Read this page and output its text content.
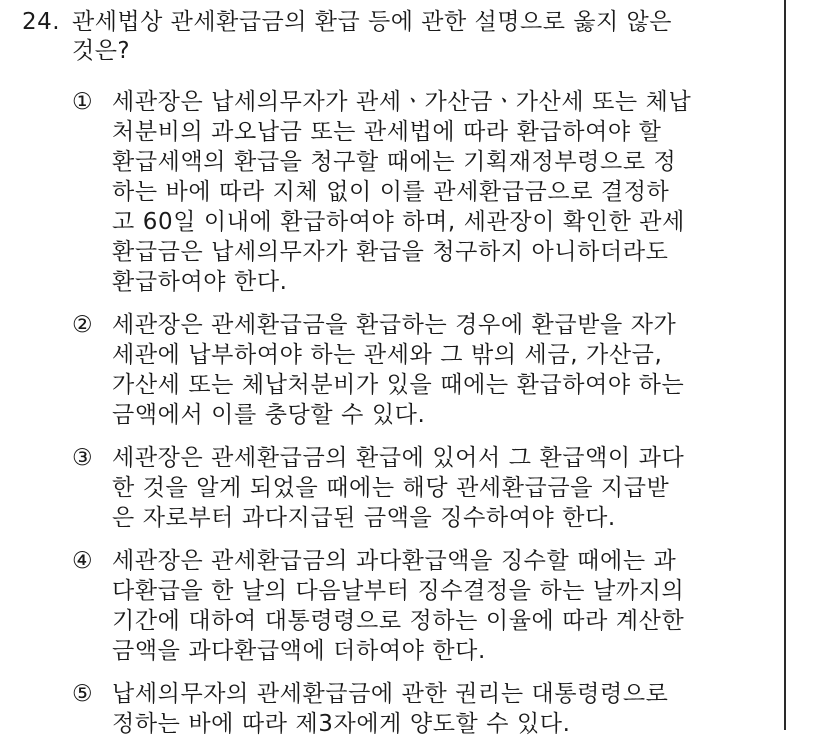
24. 관세법상 관세환급금의 환급 등에 관한 설명으로 옳지 않은
것은?
① 세관장은 납세의무자가 관세ㆍ가산금ㆍ가산세 또는 체납
처분비의 과오납금 또는 관세법에 따라 환급하여야 할
환급세액의 환급을 청구할 때에는 기획재정부령으로 정
하는 바에 따라 지체 없이 이를 관세환급금으로 결정하
고 60일 이내에 환급하여야 하며, 세관장이 확인한 관세
환급금은 납세의무자가 환급을 청구하지 아니하더라도
환급하여야 한다.
② 세관장은 관세환급금을 환급하는 경우에 환급받을 자가
세관에 납부하여야 하는 관세와 그 밖의 세금, 가산금,
가산세 또는 체납처분비가 있을 때에는 환급하여야 하는
금액에서 이를 충당할 수 있다.
③ 세관장은 관세환급금의 환급에 있어서 그 환급액이 과다
한 것을 알게 되었을 때에는 해당 관세환급금을 지급받
은 자로부터 과다지급된 금액을 징수하여야 한다.
④ 세관장은 관세환급금의 과다환급액을 징수할 때에는 과
다환급을 한 날의 다음날부터 징수결정을 하는 날까지의
기간에 대하여 대통령령으로 정하는 이율에 따라 계산한
금액을 과다환급액에 더하여야 한다.
⑤ 납세의무자의 관세환급금에 관한 권리는 대통령령으로
정하는 바에 따라 제3자에게 양도할 수 있다.
